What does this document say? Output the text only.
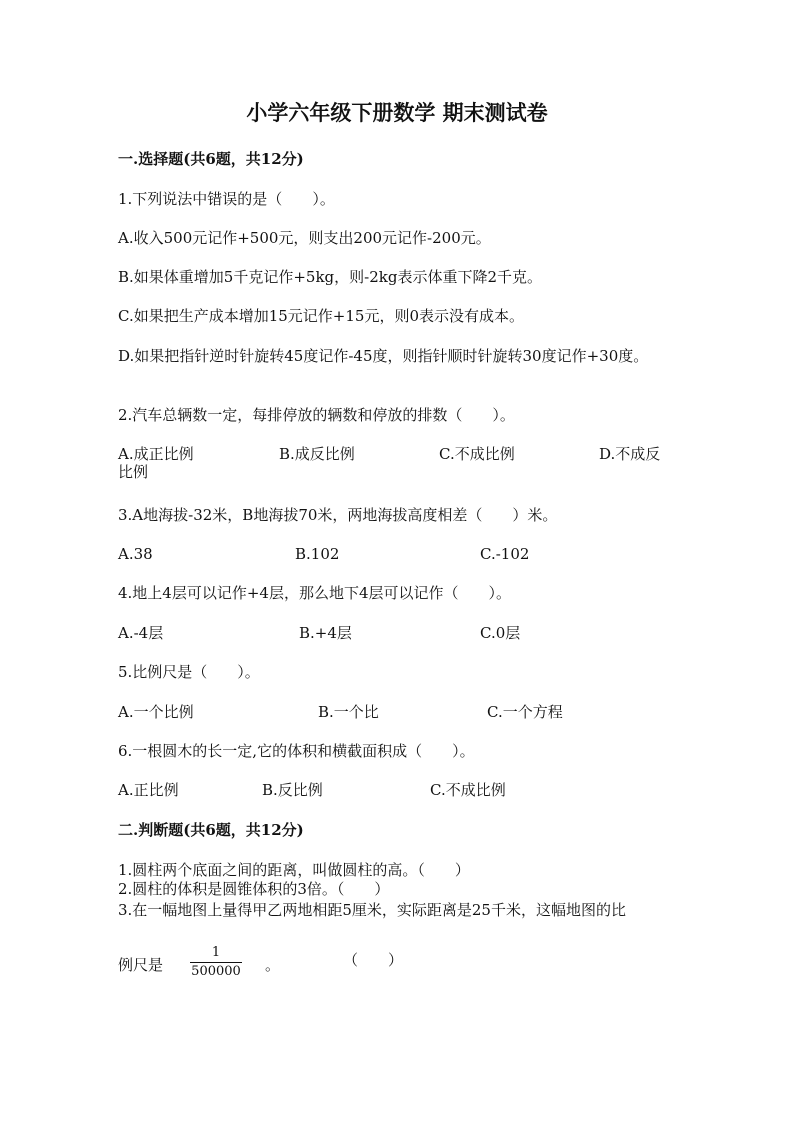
小学六年级下册数学 期末测试卷
一.选择题(共6题，共12分)
1.下列说法中错误的是（　　）。
A.收入500元记作+500元，则支出200元记作-200元。
B.如果体重增加5千克记作+5kg，则-2kg表示体重下降2千克。
C.如果把生产成本增加15元记作+15元，则0表示没有成本。
D.如果把指针逆时针旋转45度记作-45度，则指针顺时针旋转30度记作+30度。
2.汽车总辆数一定，每排停放的辆数和停放的排数（　　）。
A.成正比例	B.成反比例	C.不成比例	D.不成反比例
3.A地海拔-32米，B地海拔70米，两地海拔高度相差（　　）米。
A.38	B.102	C.-102
4.地上4层可以记作+4层，那么地下4层可以记作（　　）。
A.-4层	B.+4层	C.0层
5.比例尺是（　　）。
A.一个比例	B.一个比	C.一个方程
6.一根圆木的长一定,它的体积和横截面积成（　　）。
A.正比例	B.反比例	C.不成比例
二.判断题(共6题，共12分)
1.圆柱两个底面之间的距离，叫做圆柱的高。（　　）
2.圆柱的体积是圆锥体积的3倍。（　　）
3.在一幅地图上量得甲乙两地相距5厘米，实际距离是25千米，这幅地图的比
例尺是
1
500000 。	（　　）
